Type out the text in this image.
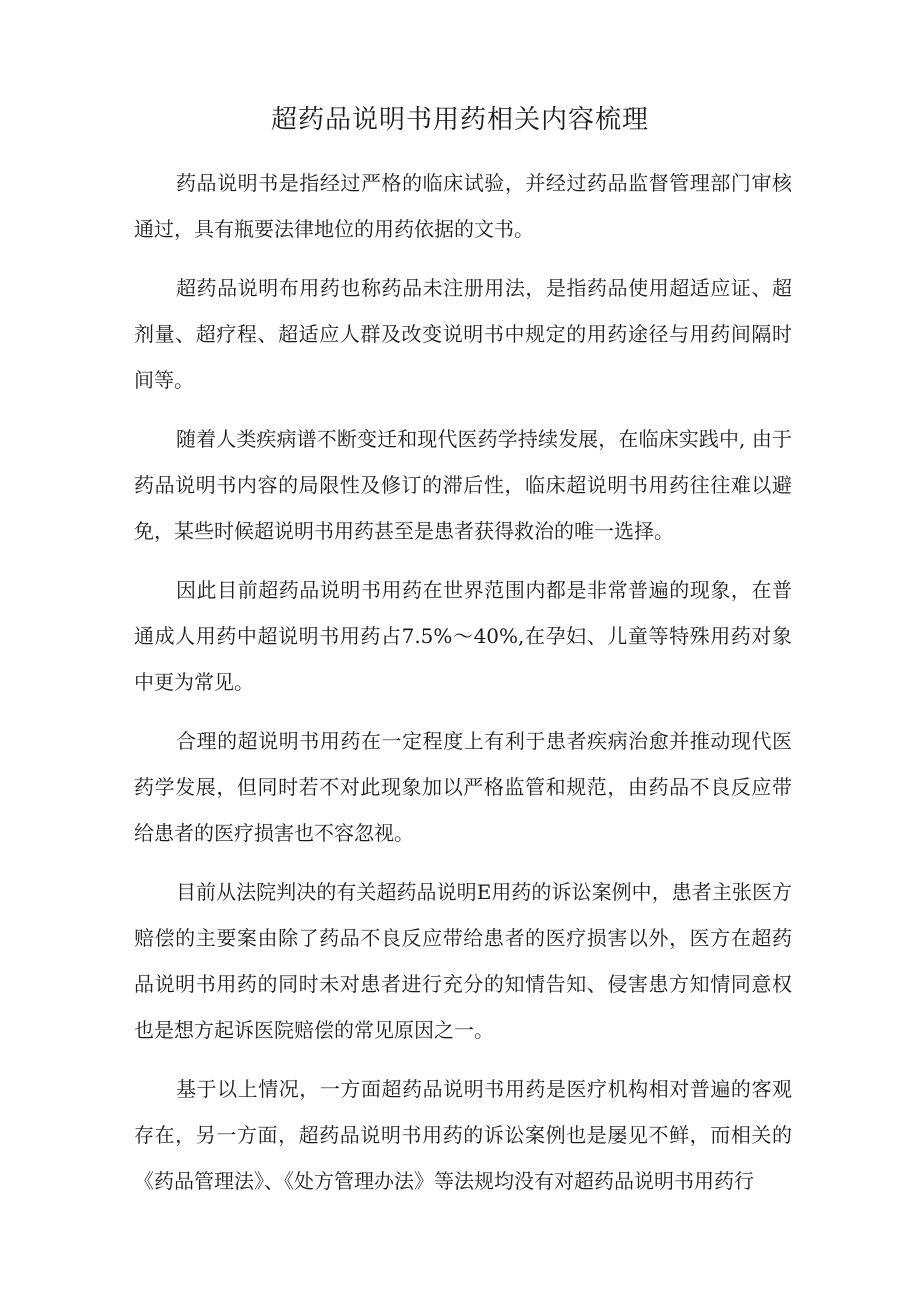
超药品说明书用药相关内容梳理

药品说明书是指经过严格的临床试验，并经过药品监督管理部门审核通过，具有瓶要法律地位的用药依据的文书。

超药品说明布用药也称药品未注册用法，是指药品使用超适应证、超剂量、超疗程、超适应人群及改变说明书中规定的用药途径与用药间隔时间等。

随着人类疾病谱不断变迁和现代医药学持续发展，在临床实践中, 由于药品说明书内容的局限性及修订的滞后性，临床超说明书用药往往难以避免，某些时候超说明书用药甚至是患者获得救治的唯一选择。

因此目前超药品说明书用药在世界范围内都是非常普遍的现象，在普通成人用药中超说明书用药占7.5%～40%,在孕妇、儿童等特殊用药对象中更为常见。

合理的超说明书用药在一定程度上有利于患者疾病治愈并推动现代医药学发展，但同时若不对此现象加以严格监管和规范，由药品不良反应带给患者的医疗损害也不容忽视。

目前从法院判决的有关超药品说明E用药的诉讼案例中，患者主张医方赔偿的主要案由除了药品不良反应带给患者的医疗损害以外，医方在超药品说明书用药的同时未对患者进行充分的知情告知、侵害患方知情同意权也是想方起诉医院赔偿的常见原因之一。

基于以上情况，一方面超药品说明书用药是医疗机构相对普遍的客观存在，另一方面，超药品说明书用药的诉讼案例也是屡见不鲜，而相关的《药品管理法》、《处方管理办法》等法规均没有对超药品说明书用药行
